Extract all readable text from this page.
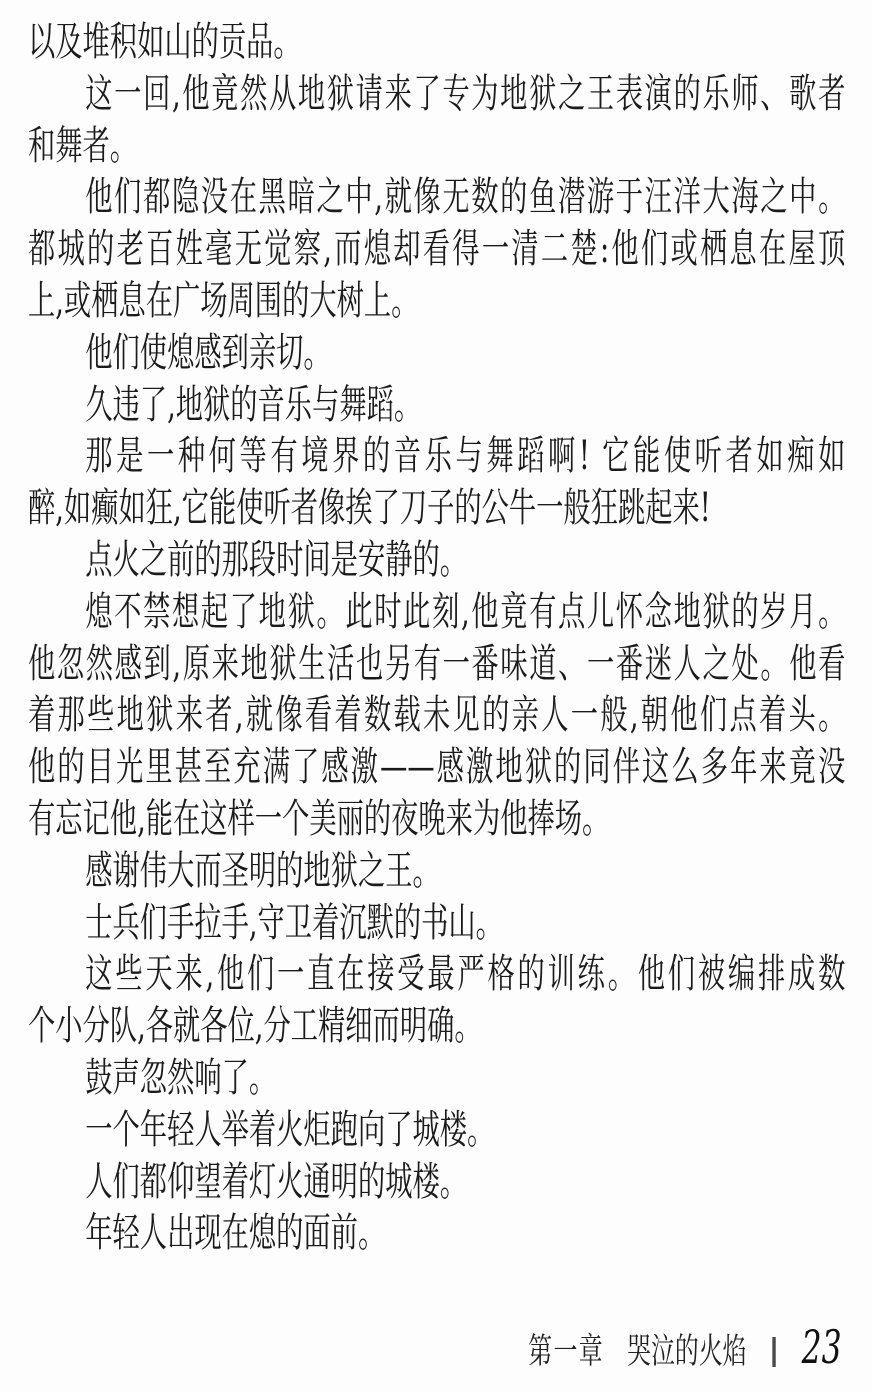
以及堆积如山的贡品。
这一回,他竟然从地狱请来了专为地狱之王表演的乐师、歌者
和舞者。
他们都隐没在黑暗之中,就像无数的鱼潜游于汪洋大海之中。
都城的老百姓毫无觉察,而熄却看得一清二楚:他们或栖息在屋顶
上,或栖息在广场周围的大树上。
他们使熄感到亲切。
久违了,地狱的音乐与舞蹈。
那是一种何等有境界的音乐与舞蹈啊! 它能使听者如痴如
醉,如癫如狂,它能使听者像挨了刀子的公牛一般狂跳起来!
点火之前的那段时间是安静的。
熄不禁想起了地狱。此时此刻,他竟有点儿怀念地狱的岁月。
他忽然感到,原来地狱生活也另有一番味道、一番迷人之处。他看
着那些地狱来者,就像看着数载未见的亲人一般,朝他们点着头。
他的目光里甚至充满了感激——感激地狱的同伴这么多年来竟没
有忘记他,能在这样一个美丽的夜晚来为他捧场。
感谢伟大而圣明的地狱之王。
士兵们手拉手,守卫着沉默的书山。
这些天来,他们一直在接受最严格的训练。他们被编排成数
个小分队,各就各位,分工精细而明确。
鼓声忽然响了。
一个年轻人举着火炬跑向了城楼。
人们都仰望着灯火通明的城楼。
年轻人出现在熄的面前。
第一章 哭泣的火焰 23
